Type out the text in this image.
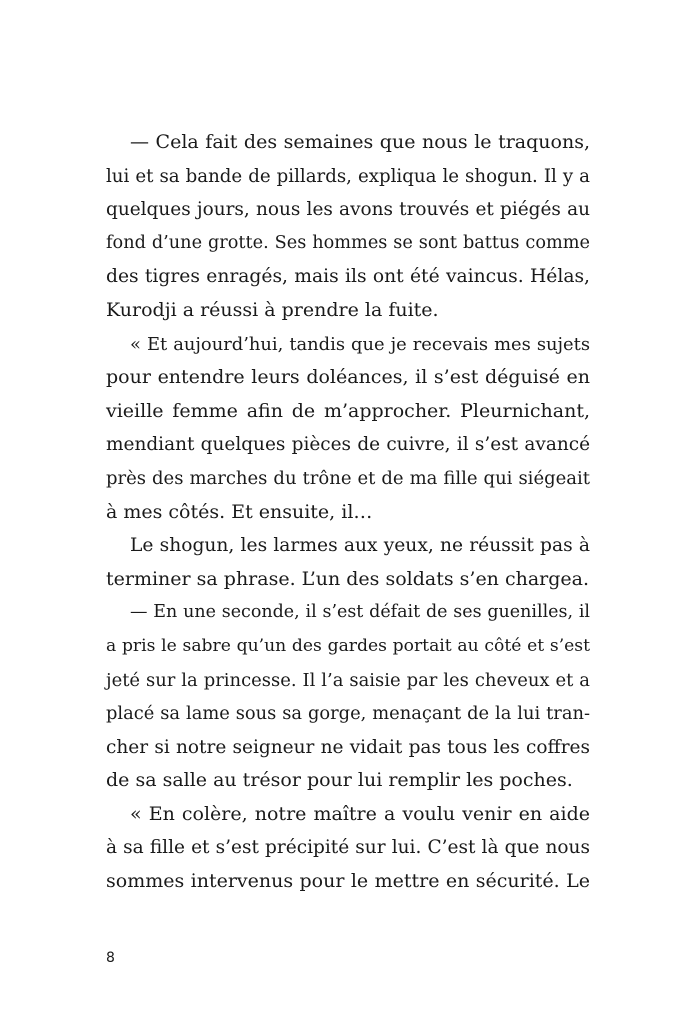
— Cela fait des semaines que nous le traquons,
lui et sa bande de pillards, expliqua le shogun. Il y a
quelques jours, nous les avons trouvés et piégés au
fond d’une grotte. Ses hommes se sont battus comme
des tigres enragés, mais ils ont été vaincus. Hélas,
Kurodji a réussi à prendre la fuite.
« Et aujourd’hui, tandis que je recevais mes sujets
pour entendre leurs doléances, il s’est déguisé en
vieille femme afin de m’approcher. Pleurnichant,
mendiant quelques pièces de cuivre, il s’est avancé
près des marches du trône et de ma fille qui siégeait
à mes côtés. Et ensuite, il…
Le shogun, les larmes aux yeux, ne réussit pas à
terminer sa phrase. L’un des soldats s’en chargea.
— En une seconde, il s’est défait de ses guenilles, il
a pris le sabre qu’un des gardes portait au côté et s’est
jeté sur la princesse. Il l’a saisie par les cheveux et a
placé sa lame sous sa gorge, menaçant de la lui tran-
cher si notre seigneur ne vidait pas tous les coffres
de sa salle au trésor pour lui remplir les poches.
« En colère, notre maître a voulu venir en aide
à sa fille et s’est précipité sur lui. C’est là que nous
sommes intervenus pour le mettre en sécurité. Le
8
